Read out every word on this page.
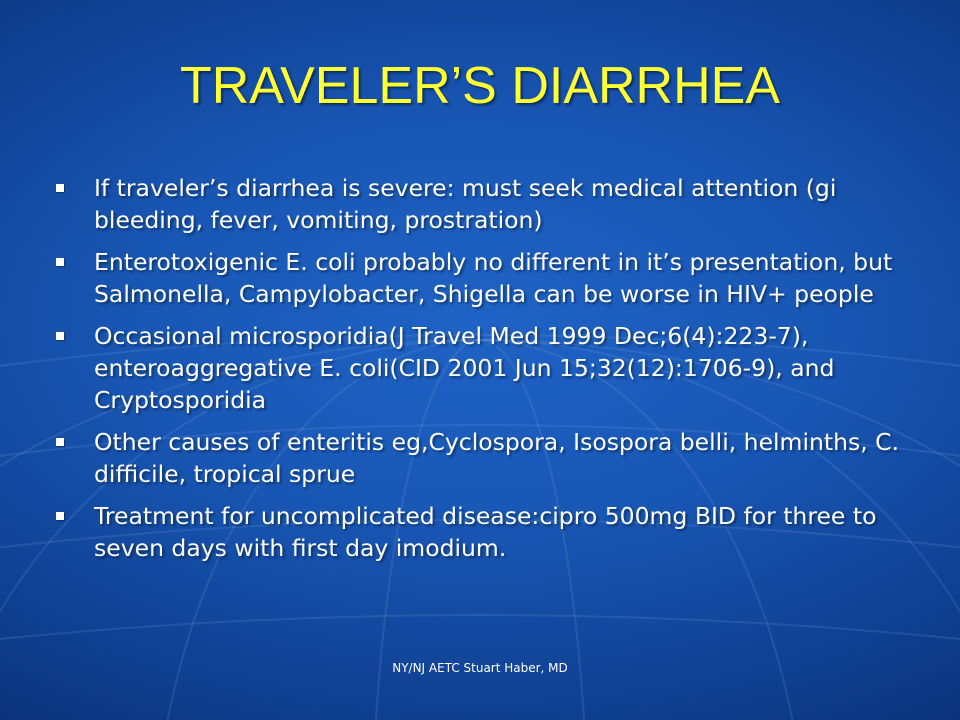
TRAVELER’S DIARRHEA
If traveler’s diarrhea is severe: must seek medical attention (gi bleeding, fever, vomiting, prostration)
Enterotoxigenic E. coli probably no different in it’s presentation, but Salmonella, Campylobacter, Shigella can be worse in HIV+ people
Occasional microsporidia(J Travel Med 1999 Dec;6(4):223-7), enteroaggregative E. coli(CID 2001 Jun 15;32(12):1706-9), and Cryptosporidia
Other causes of enteritis eg,Cyclospora, Isospora belli, helminths, C. difficile, tropical sprue
Treatment for uncomplicated disease:cipro 500mg BID for three to seven days with first day imodium.
NY/NJ AETC Stuart Haber, MD
